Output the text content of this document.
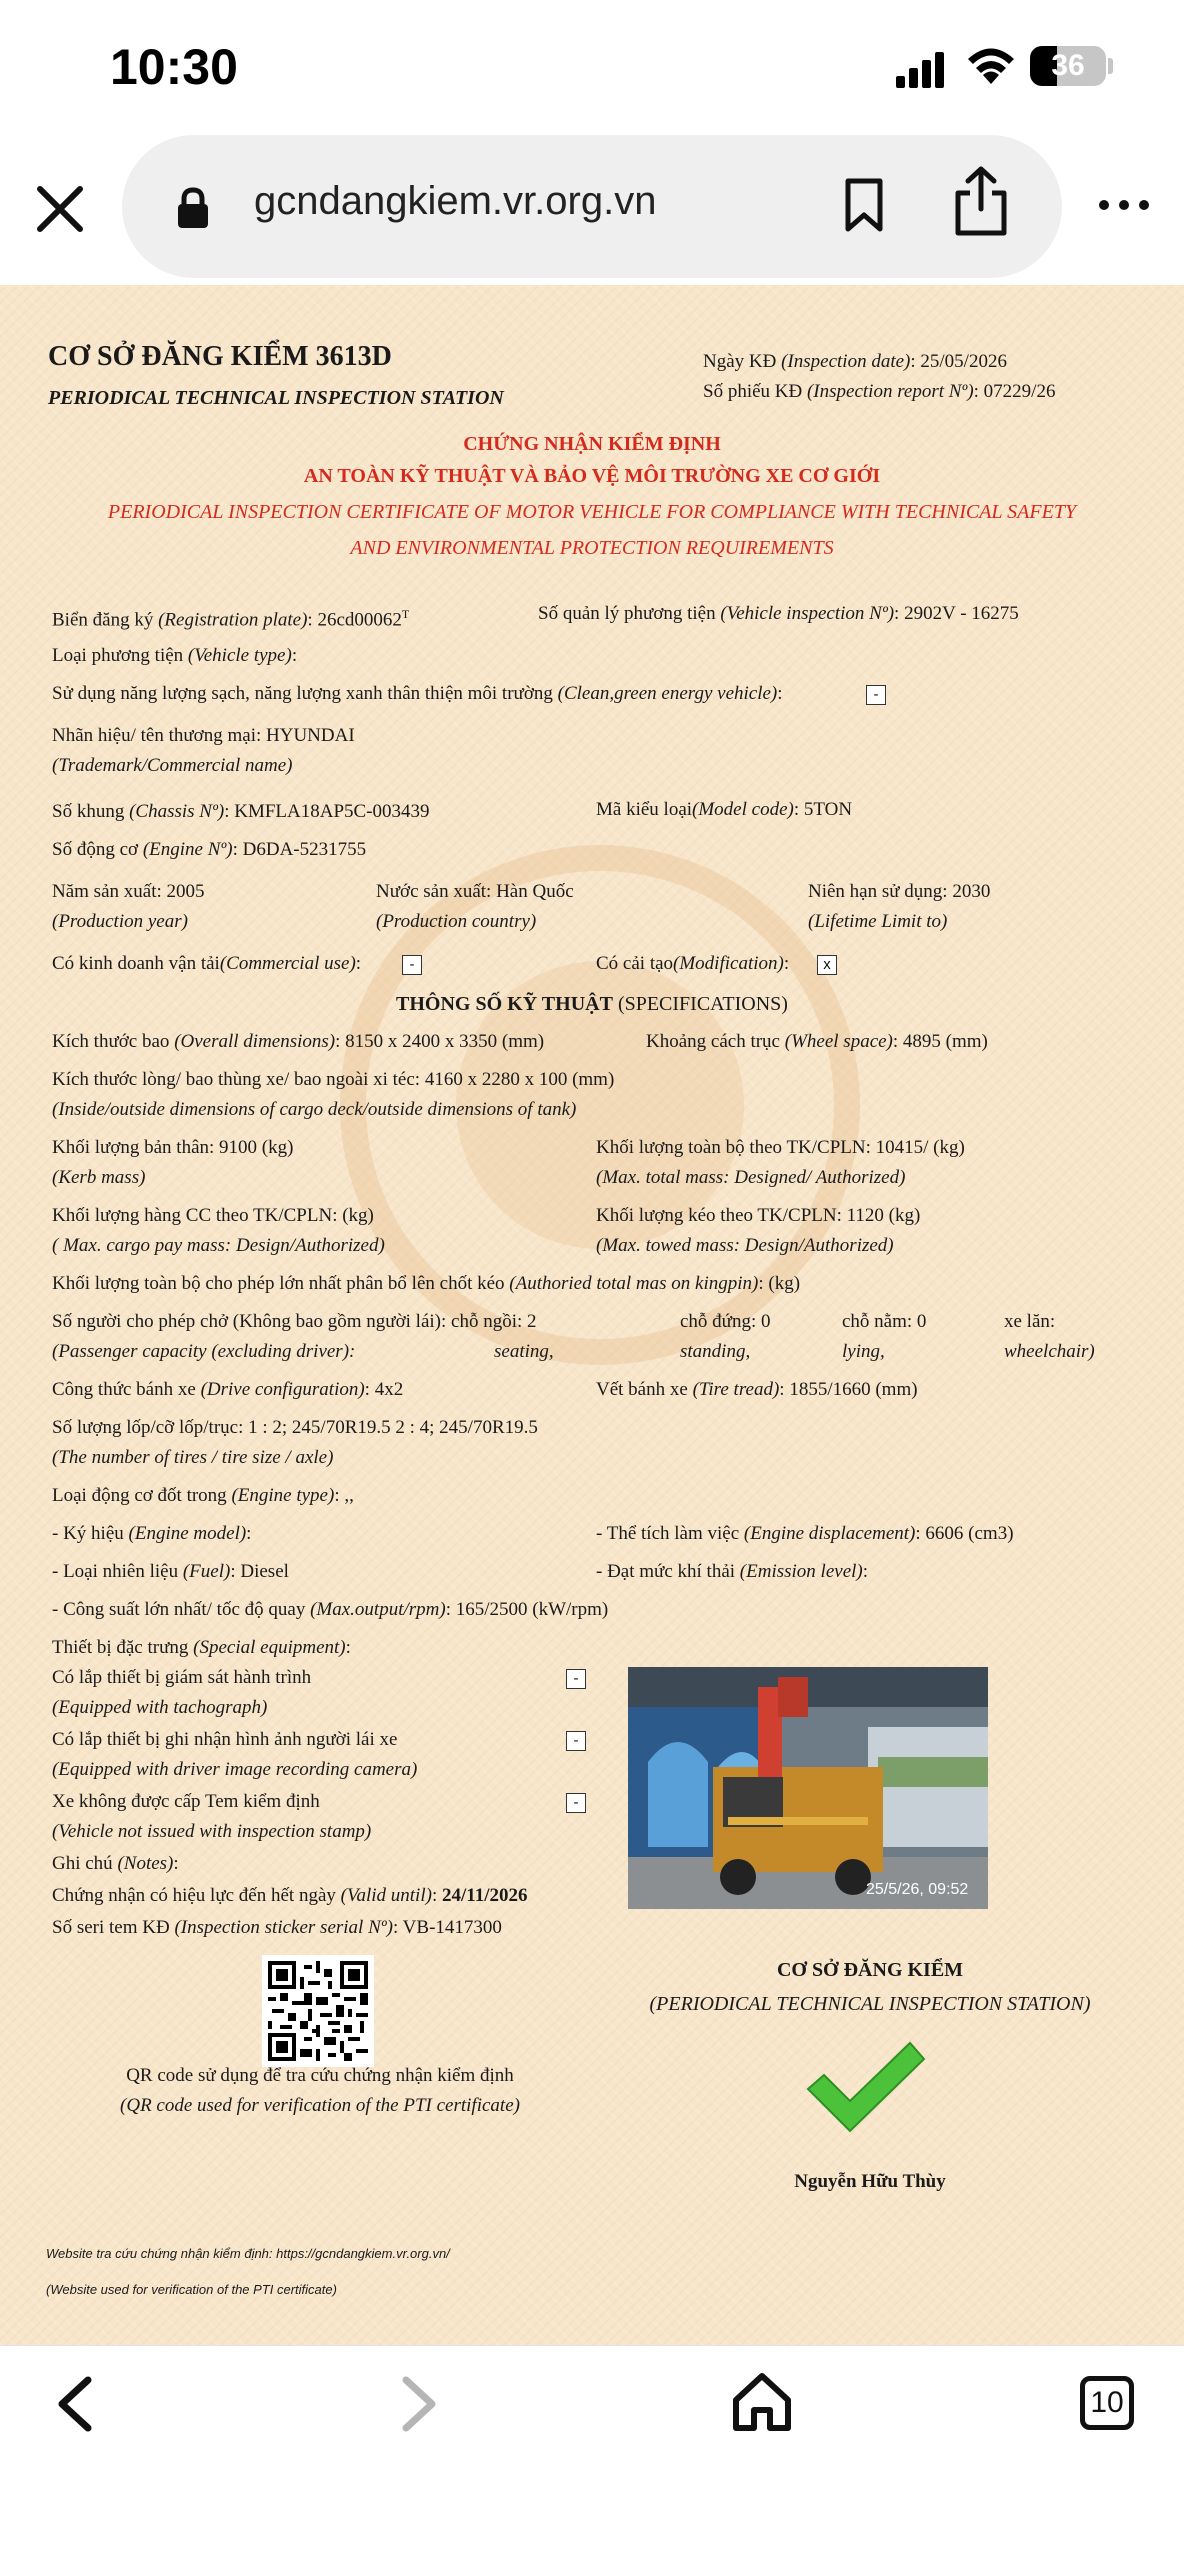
10:30	36
gcndangkiem.vr.org.vn
CƠ SỞ ĐĂNG KIỂM 3613D
PERIODICAL TECHNICAL INSPECTION STATION
Ngày KĐ (Inspection date): 25/05/2026
Số phiếu KĐ (Inspection report Nº): 07229/26
CHỨNG NHẬN KIỂM ĐỊNH
AN TOÀN KỸ THUẬT VÀ BẢO VỆ MÔI TRƯỜNG XE CƠ GIỚI
PERIODICAL INSPECTION CERTIFICATE OF MOTOR VEHICLE FOR COMPLIANCE WITH TECHNICAL SAFETY
AND ENVIRONMENTAL PROTECTION REQUIREMENTS
Biển đăng ký (Registration plate): $26cd00062^T$	Số quản lý phương tiện (Vehicle inspection Nº): 2902V - 16275
Loại phương tiện (Vehicle type):
Sử dụng năng lượng sạch, năng lượng xanh thân thiện môi trường (Clean,green energy vehicle):	-
Nhãn hiệu/ tên thương mại: HYUNDAI
(Trademark/Commercial name)
Số khung (Chassis Nº): KMFLA18AP5C-003439	Mã kiểu loại(Model code): 5TON
Số động cơ (Engine Nº): D6DA-5231755
Năm sản xuất: 2005
(Production year)
Nước sản xuất: Hàn Quốc
(Production country)
Niên hạn sử dụng: 2030
(Lifetime Limit to)
Có kinh doanh vận tải(Commercial use):	-	Có cải tạo(Modification):	x
THÔNG SỐ KỸ THUẬT (SPECIFICATIONS)
Kích thước bao (Overall dimensions): 8150 x 2400 x 3350 (mm)	Khoảng cách trục (Wheel space): 4895 (mm)
Kích thước lòng/ bao thùng xe/ bao ngoài xi téc: 4160 x 2280 x 100 (mm)
(Inside/outside dimensions of cargo deck/outside dimensions of tank)
Khối lượng bản thân: 9100 (kg)
(Kerb mass)
Khối lượng toàn bộ theo TK/CPLN: 10415/ (kg)
(Max. total mass: Designed/ Authorized)
Khối lượng hàng CC theo TK/CPLN: (kg)
( Max. cargo pay mass: Design/Authorized)
Khối lượng kéo theo TK/CPLN: 1120 (kg)
(Max. towed mass: Design/Authorized)
Khối lượng toàn bộ cho phép lớn nhất phân bổ lên chốt kéo (Authoried total mas on kingpin): (kg)
Số người cho phép chở (Không bao gồm người lái): chỗ ngồi: 2
(Passenger capacity (excluding driver):	seating,
chỗ đứng: 0
standing,
chỗ nằm: 0
lying,
xe lăn:
wheelchair)
Công thức bánh xe (Drive configuration): 4x2	Vết bánh xe (Tire tread): 1855/1660 (mm)
Số lượng lốp/cỡ lốp/trục: 1 : 2; 245/70R19.5 2 : 4; 245/70R19.5
(The number of tires / tire size / axle)
Loại động cơ đốt trong (Engine type): ,,
- Ký hiệu (Engine model):	- Thể tích làm việc (Engine displacement): 6606 (cm3)
- Loại nhiên liệu (Fuel): Diesel	- Đạt mức khí thải (Emission level):
- Công suất lớn nhất/ tốc độ quay (Max.output/rpm): 165/2500 (kW/rpm)
Thiết bị đặc trưng (Special equipment):
Có lắp thiết bị giám sát hành trình
(Equipped with tachograph)
-
Có lắp thiết bị ghi nhận hình ảnh người lái xe
(Equipped with driver image recording camera)
-
Xe không được cấp Tem kiểm định
(Vehicle not issued with inspection stamp)
-
Ghi chú (Notes):
Chứng nhận có hiệu lực đến hết ngày (Valid until): 24/11/2026
Số seri tem KĐ (Inspection sticker serial Nº): VB-1417300
25/5/26, 09:52
QR code sử dụng để tra cứu chứng nhận kiểm định
(QR code used for verification of the PTI certificate)
CƠ SỞ ĐĂNG KIỂM
(PERIODICAL TECHNICAL INSPECTION STATION)
Nguyễn Hữu Thùy
Website tra cứu chứng nhận kiểm định: https://gcndangkiem.vr.org.vn/
(Website used for verification of the PTI certificate)
10
